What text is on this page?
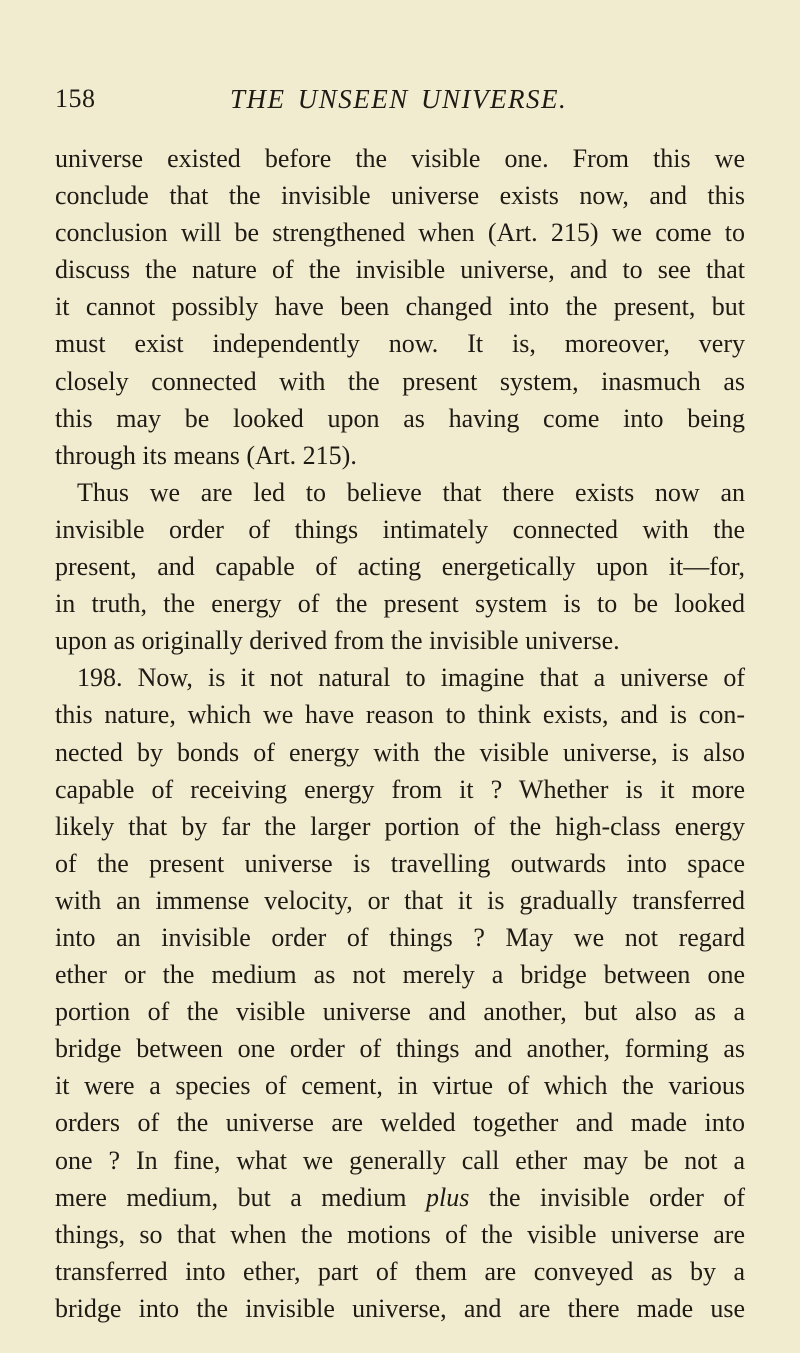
158	THE UNSEEN UNIVERSE.
universe existed before the visible one. From this we
conclude that the invisible universe exists now, and this
conclusion will be strengthened when (Art. 215) we come to
discuss the nature of the invisible universe, and to see that
it cannot possibly have been changed into the present, but
must exist independently now. It is, moreover, very
closely connected with the present system, inasmuch as
this may be looked upon as having come into being
through its means (Art. 215).
Thus we are led to believe that there exists now an
invisible order of things intimately connected with the
present, and capable of acting energetically upon it—for,
in truth, the energy of the present system is to be looked
upon as originally derived from the invisible universe.
198. Now, is it not natural to imagine that a universe of
this nature, which we have reason to think exists, and is con-
nected by bonds of energy with the visible universe, is also
capable of receiving energy from it ? Whether is it more
likely that by far the larger portion of the high-class energy
of the present universe is travelling outwards into space
with an immense velocity, or that it is gradually transferred
into an invisible order of things ? May we not regard
ether or the medium as not merely a bridge between one
portion of the visible universe and another, but also as a
bridge between one order of things and another, forming as
it were a species of cement, in virtue of which the various
orders of the universe are welded together and made into
one ? In fine, what we generally call ether may be not a
mere medium, but a medium plus the invisible order of
things, so that when the motions of the visible universe are
transferred into ether, part of them are conveyed as by a
bridge into the invisible universe, and are there made use
